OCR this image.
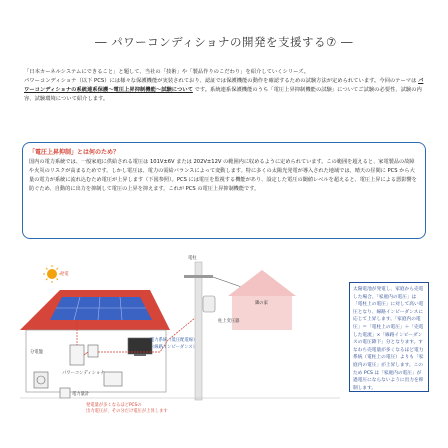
― パワーコンディショナの開発を支援する⑦ ―
「日本カーネルシステムにできること」と題して、当社の「技術」や「製品作りのこだわり」を紹介していくシリーズ。
パワーコンディショナ（以下 PCS）には様々な保護機能が実装されており、認証では保護機能の動作を確認するための試験方法が定められています。今回のテーマは パワーコンディショナの系統連系保護～電圧上昇抑制機能～試験について です。系統連系保護機能のうち「電圧上昇抑制機能の試験」についてご試験の必要性、試験の内容、試験環境について紹介します。
「電圧上昇抑制」とは何のため？
国内の電力系統では、一般家庭に供給される電圧は 101V±6V または 202V±12V の範囲内に収めるように定められています。この範囲を超えると、家電製品の故障や火災のリスクが高まるためです。しかし電圧は、電力の需給バランスによって変動します。特に多くの太陽光発電が導入された地域では、晴天の昼間に PCS から大量の電力が系統に流れ込むため電圧が上昇します（下図参照）。PCS には電圧を監視する機能があり、設定した電圧の閾値レベルを超えると、電圧上昇による悪影響を防ぐため、自動的に出力を抑制して電圧の上昇を抑えます。これが PCS の電圧上昇抑制機能です。
電柱
発電
隣の家
柱上変圧器
電力系統（低圧配電線）
（線路インピーダンス）
分電盤
パワーコンディショナ
電力量計
発電量が多くなるほどPCSの
出力電圧が、その分だけ電圧が上昇します
太陽電池が発電し、家庭から売電した場合、「家庭内の電圧」は「電柱上の電圧」に対して高い電圧となり、線路インピーダンスに応じて上昇します。「家庭内の電圧」＝「電柱上の電圧」＋「売電した電流」×「線路インピーダンスの電圧降下」分となります。すなわち売電量が多くなるほど電力系統（電柱上の電圧）よりも「家庭内の電圧」が上昇します。このため PCS は「家庭内の電圧」が過電圧にならないように出力を抑制します。
